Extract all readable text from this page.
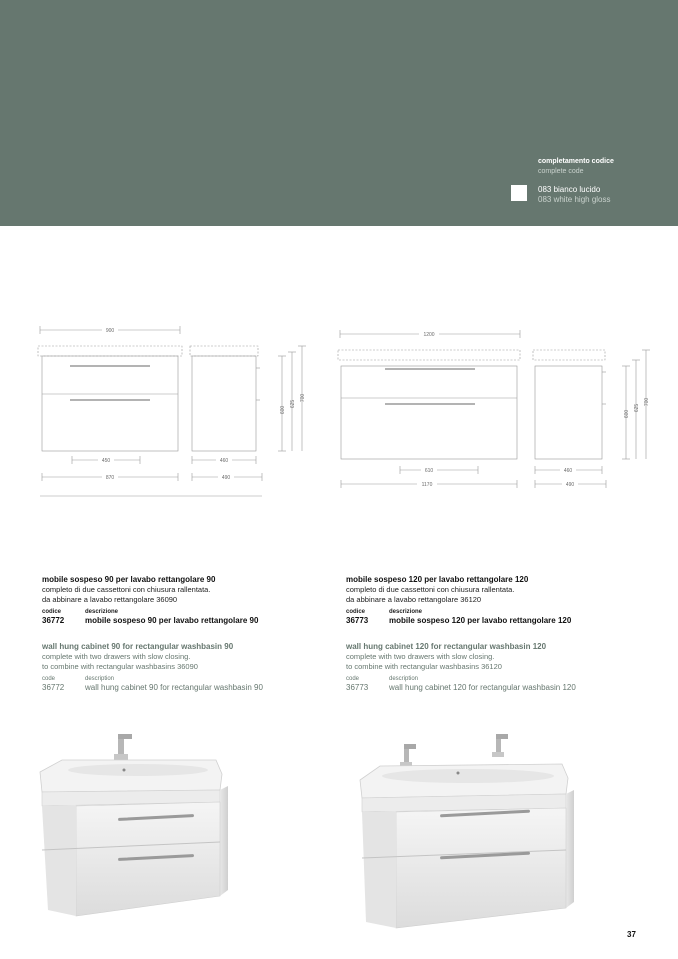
completamento codice
complete code
083 bianco lucido
083 white high gloss
900
450
870
460
490
600
625
700
1200
610
1170
460
490
600
625
700
mobile sospeso 90 per lavabo rettangolare 90
completo di due cassettoni con chiusura rallentata.
da abbinare a lavabo rettangolare 36090
codice	descrizione
36772	mobile sospeso 90 per lavabo rettangolare 90
wall hung cabinet 90 for rectangular washbasin 90
complete with two drawers with slow closing.
to combine with rectangular washbasins 36090
code	description
36772	wall hung cabinet 90 for rectangular washbasin 90
mobile sospeso 120 per lavabo rettangolare 120
completo di due cassettoni con chiusura rallentata.
da abbinare a lavabo rettangolare 36120
codice	descrizione
36773	mobile sospeso 120 per lavabo rettangolare 120
wall hung cabinet 120 for rectangular washbasin 120
complete with two drawers with slow closing.
to combine with rectangular washbasins 36120
code	description
36773	wall hung cabinet 120 for rectangular washbasin 120
37
